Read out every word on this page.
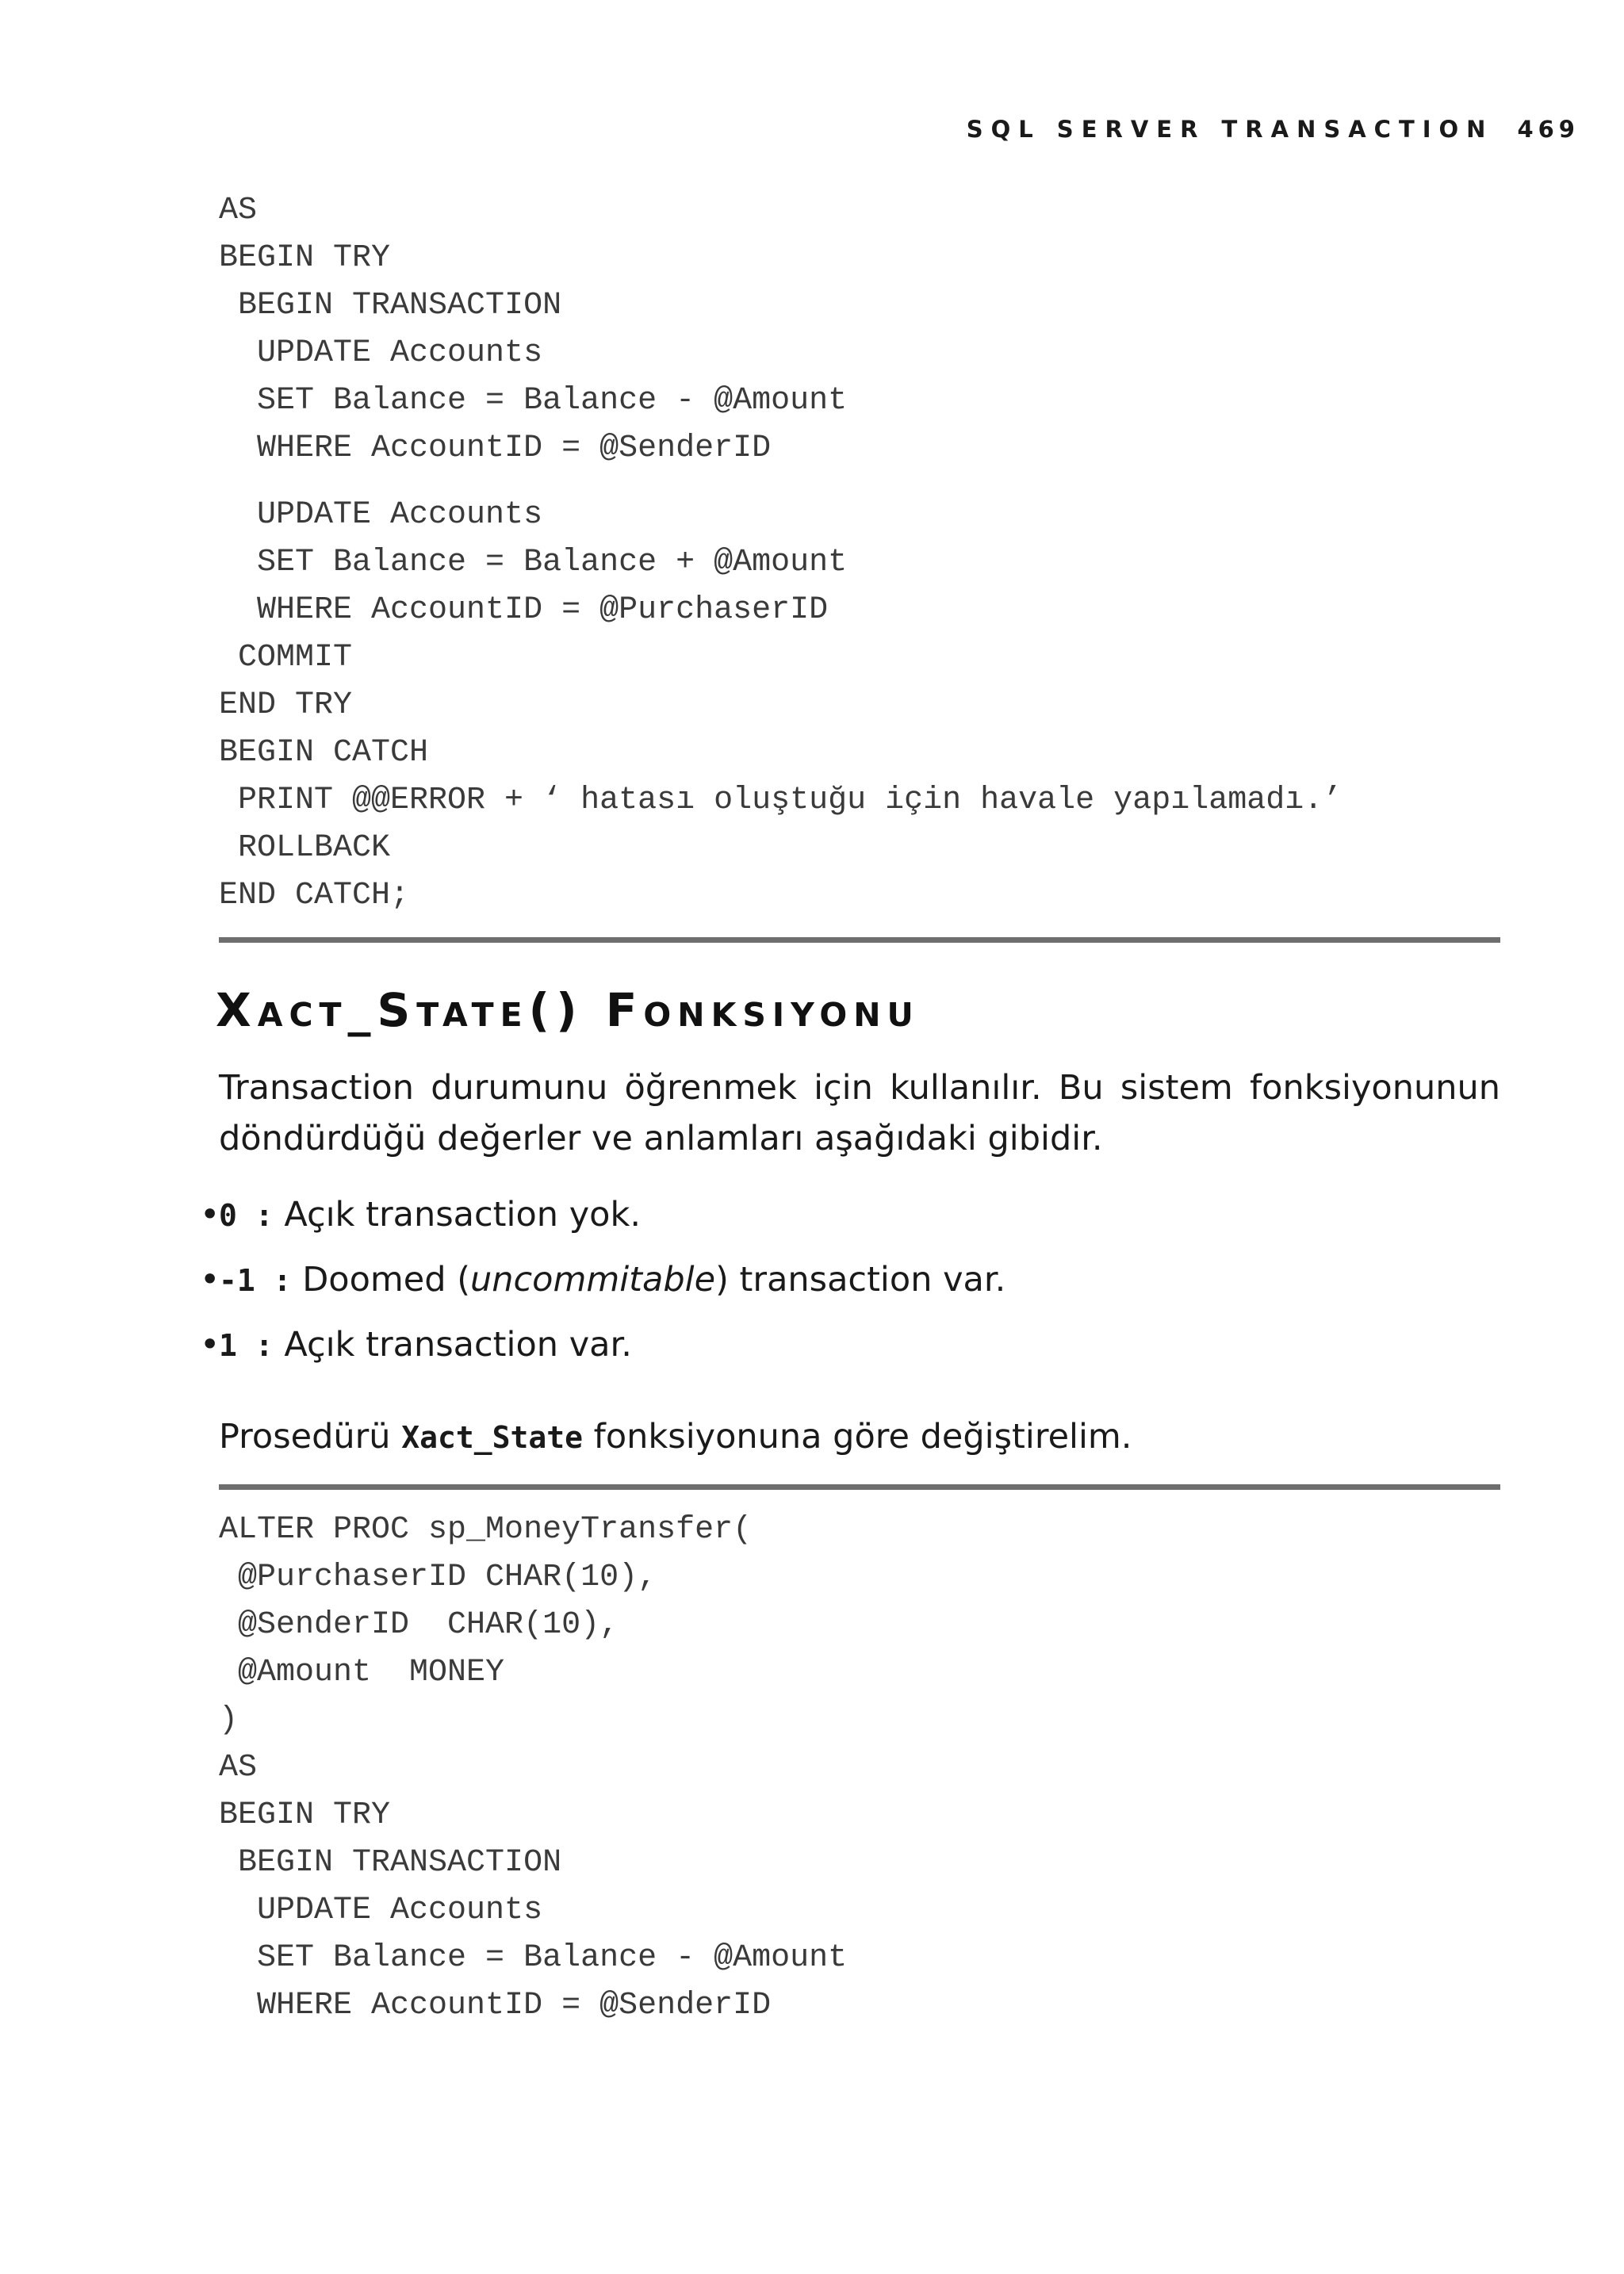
SQL SERVER TRANSACTION 469
AS
BEGIN TRY
BEGIN TRANSACTION
UPDATE Accounts
SET Balance = Balance - @Amount
WHERE AccountID = @SenderID
UPDATE Accounts
SET Balance = Balance + @Amount
WHERE AccountID = @PurchaserID
COMMIT
END TRY
BEGIN CATCH
PRINT @@ERROR + ‘ hatası oluştuğu için havale yapılamadı.’
ROLLBACK
END CATCH;
Xact_State() Fonksiyonu

Transaction durumunu öğrenmek için kullanılır. Bu sistem fonksiyonunun döndürdüğü değerler ve anlamları aşağıdaki gibidir.

•0 : Açık transaction yok.
•-1 : Doomed (uncommitable) transaction var.
•1 : Açık transaction var.

Prosedürü Xact_State fonksiyonuna göre değiştirelim.

ALTER PROC sp_MoneyTransfer(
@PurchaserID CHAR(10),
@SenderID  CHAR(10),
@Amount  MONEY
)
AS
BEGIN TRY
BEGIN TRANSACTION
UPDATE Accounts
SET Balance = Balance - @Amount
WHERE AccountID = @SenderID
